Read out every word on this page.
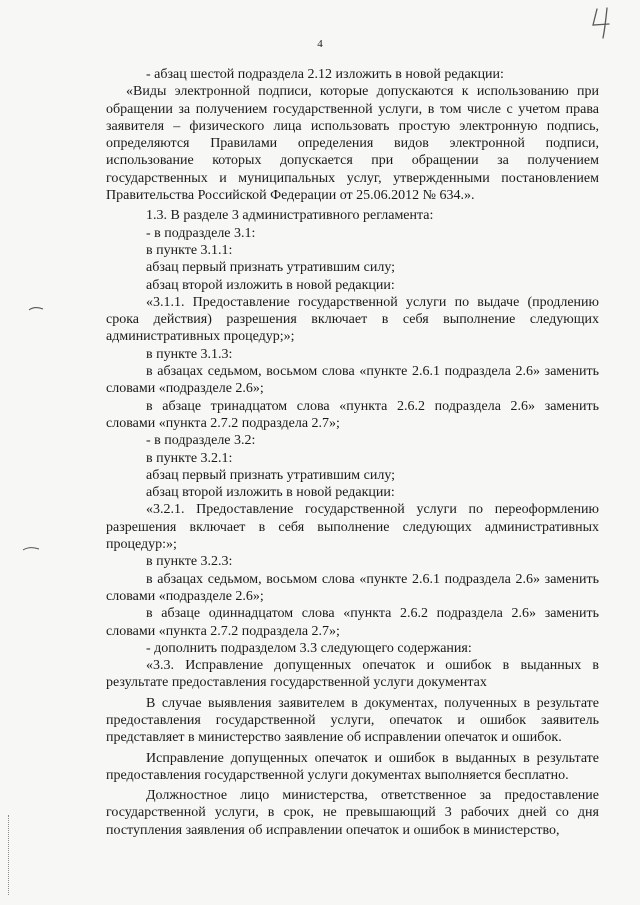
4

- абзац шестой подраздела 2.12 изложить в новой редакции:

«Виды электронной подписи, которые допускаются к использованию при обращении за получением государственной услуги, в том числе с учетом права заявителя – физического лица использовать простую электронную подпись, определяются Правилами определения видов электронной подписи, использование которых допускается при обращении за получением государственных и муниципальных услуг, утвержденными постановлением Правительства Российской Федерации от 25.06.2012 № 634.».

1.3. В разделе 3 административного регламента:

- в подразделе 3.1:

в пункте 3.1.1:

абзац первый признать утратившим силу;

абзац второй изложить в новой редакции:

«3.1.1. Предоставление государственной услуги по выдаче (продлению срока действия) разрешения включает в себя выполнение следующих административных процедур;»;

в пункте 3.1.3:

в абзацах седьмом, восьмом слова «пункте 2.6.1 подраздела 2.6» заменить словами «подразделе 2.6»;

в абзаце тринадцатом слова «пункта 2.6.2 подраздела 2.6» заменить словами «пункта 2.7.2 подраздела 2.7»;

- в подразделе 3.2:

в пункте 3.2.1:

абзац первый признать утратившим силу;

абзац второй изложить в новой редакции:

«3.2.1. Предоставление государственной услуги по переоформлению разрешения включает в себя выполнение следующих административных процедур:»;

в пункте 3.2.3:

в абзацах седьмом, восьмом слова «пункте 2.6.1 подраздела 2.6» заменить словами «подразделе 2.6»;

в абзаце одиннадцатом слова «пункта 2.6.2 подраздела 2.6» заменить словами «пункта 2.7.2 подраздела 2.7»;

- дополнить подразделом 3.3 следующего содержания:

«3.3. Исправление допущенных опечаток и ошибок в выданных в результате предоставления государственной услуги документах

В случае выявления заявителем в документах, полученных в результате предоставления государственной услуги, опечаток и ошибок заявитель представляет в министерство заявление об исправлении опечаток и ошибок.

Исправление допущенных опечаток и ошибок в выданных в результате предоставления государственной услуги документах выполняется бесплатно.

Должностное лицо министерства, ответственное за предоставление государственной услуги, в срок, не превышающий 3 рабочих дней со дня поступления заявления об исправлении опечаток и ошибок в министерство,
